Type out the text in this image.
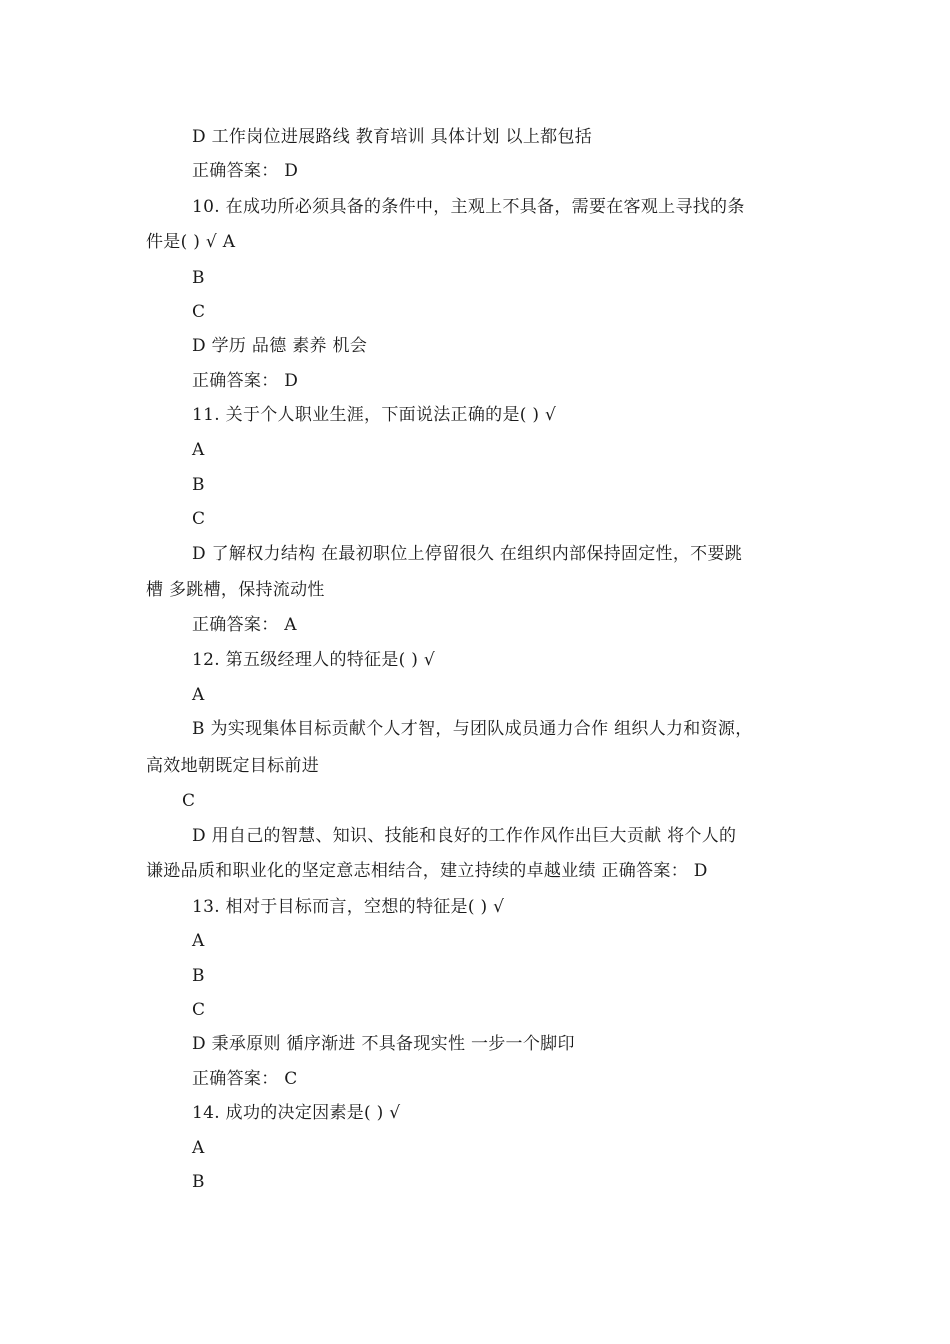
D 工作岗位进展路线 教育培训 具体计划 以上都包括
正确答案： D
10. 在成功所必须具备的条件中，主观上不具备，需要在客观上寻找的条
件是( ) √ A
B
C
D 学历 品德 素养 机会
正确答案： D
11. 关于个人职业生涯，下面说法正确的是( ) √
A
B
C
D 了解权力结构 在最初职位上停留很久 在组织内部保持固定性，不要跳
槽 多跳槽，保持流动性
正确答案： A
12. 第五级经理人的特征是( ) √
A
B 为实现集体目标贡献个人才智，与团队成员通力合作 组织人力和资源，
高效地朝既定目标前进
C
D 用自己的智慧、知识、技能和良好的工作作风作出巨大贡献 将个人的
谦逊品质和职业化的坚定意志相结合，建立持续的卓越业绩 正确答案： D
13. 相对于目标而言，空想的特征是( ) √
A
B
C
D 秉承原则 循序渐进 不具备现实性 一步一个脚印
正确答案： C
14. 成功的决定因素是( ) √
A
B
